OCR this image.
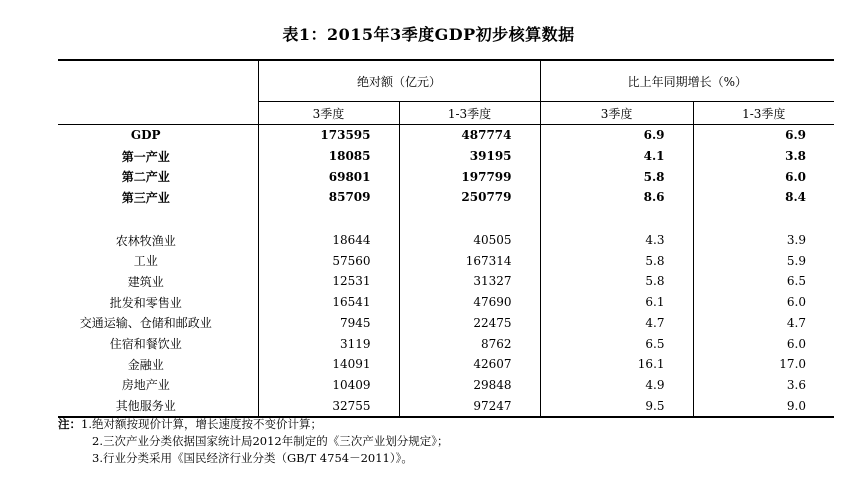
表1：2015年3季度GDP初步核算数据
	绝对额（亿元）		比上年同期增长（%）	
	3季度	1-3季度	3季度	1-3季度
GDP	173595	487774	6.9	6.9
第一产业	18085	39195	4.1	3.8
第二产业	69801	197799	5.8	6.0
第三产业	85709	250779	8.6	8.4

农林牧渔业	18644	40505	4.3	3.9
工业	57560	167314	5.8	5.9
建筑业	12531	31327	5.8	6.5
批发和零售业	16541	47690	6.1	6.0
交通运输、仓储和邮政业	7945	22475	4.7	4.7
住宿和餐饮业	3119	8762	6.5	6.0
金融业	14091	42607	16.1	17.0
房地产业	10409	29848	4.9	3.6
其他服务业	32755	97247	9.5	9.0
注：1.绝对额按现价计算，增长速度按不变价计算；
2.三次产业分类依据国家统计局2012年制定的《三次产业划分规定》；
3.行业分类采用《国民经济行业分类（GB/T 4754－2011）》。
